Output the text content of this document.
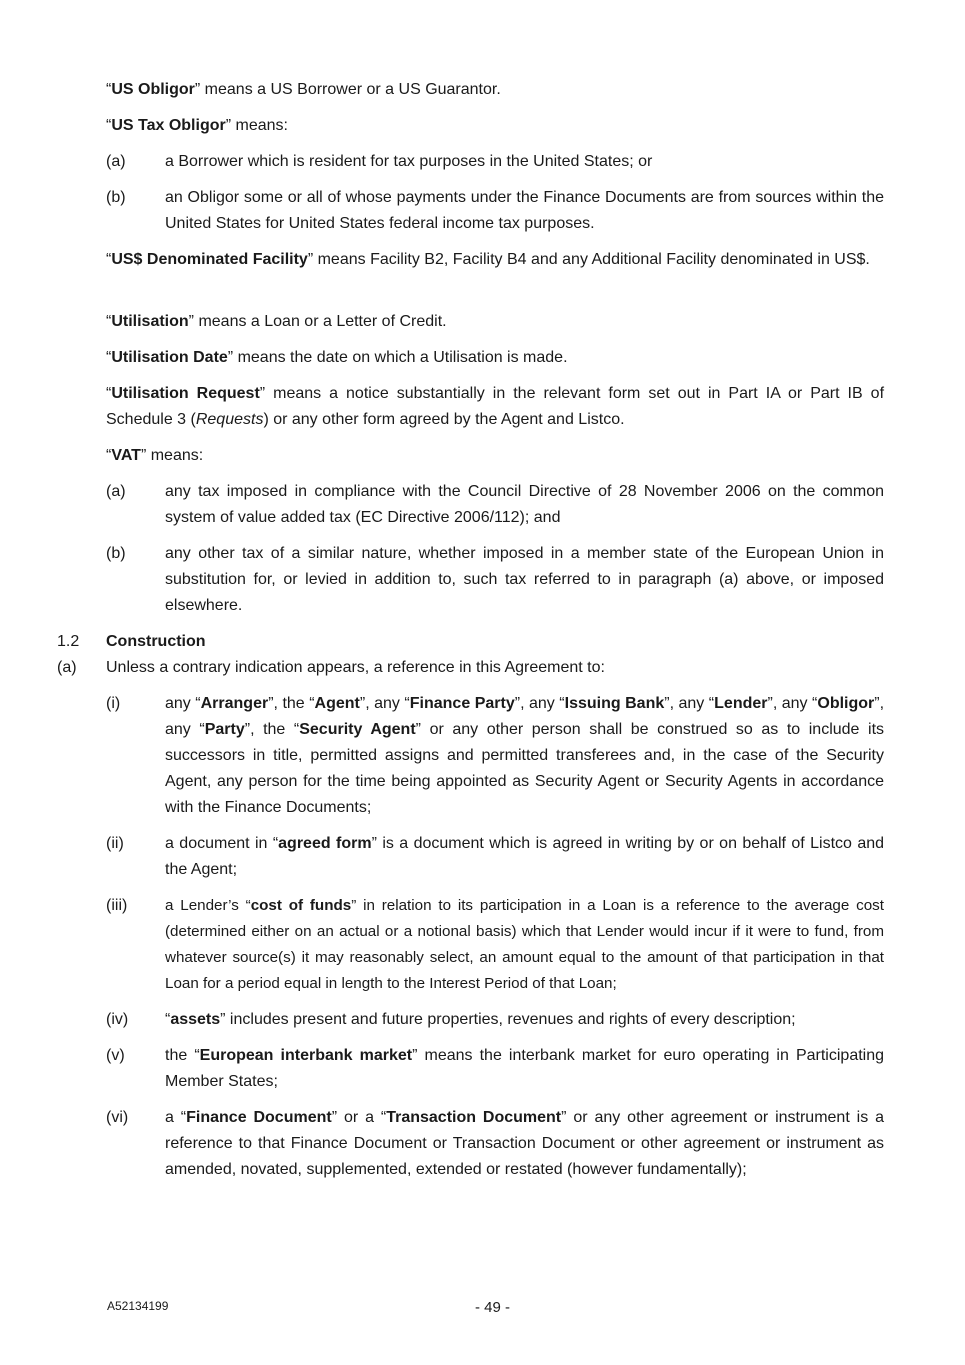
“US Obligor” means a US Borrower or a US Guarantor.
“US Tax Obligor” means:
(a) a Borrower which is resident for tax purposes in the United States; or
(b) an Obligor some or all of whose payments under the Finance Documents are from sources within the United States for United States federal income tax purposes.
“US$ Denominated Facility” means Facility B2, Facility B4 and any Additional Facility denominated in US$.
“Utilisation” means a Loan or a Letter of Credit.
“Utilisation Date” means the date on which a Utilisation is made.
“Utilisation Request” means a notice substantially in the relevant form set out in Part IA or Part IB of Schedule 3 (Requests) or any other form agreed by the Agent and Listco.
“VAT” means:
(a) any tax imposed in compliance with the Council Directive of 28 November 2006 on the common system of value added tax (EC Directive 2006/112); and
(b) any other tax of a similar nature, whether imposed in a member state of the European Union in substitution for, or levied in addition to, such tax referred to in paragraph (a) above, or imposed elsewhere.
1.2 Construction
(a) Unless a contrary indication appears, a reference in this Agreement to:
(i)	any “Arranger”, the “Agent”, any “Finance Party”, any “Issuing Bank”, any “Lender”, any “Obligor”, any “Party”, the “Security Agent” or any other person shall be construed so as to include its successors in title, permitted assigns and permitted transferees and, in the case of the Security Agent, any person for the time being appointed as Security Agent or Security Agents in accordance with the Finance Documents;
(ii)	a document in “agreed form” is a document which is agreed in writing by or on behalf of Listco and the Agent;
(iii) a Lender’s “cost of funds” in relation to its participation in a Loan is a reference to the average cost (determined either on an actual or a notional basis) which that Lender would incur if it were to fund, from whatever source(s) it may reasonably select, an amount equal to the amount of that participation in that Loan for a period equal in length to the Interest Period of that Loan;
(iv) “assets” includes present and future properties, revenues and rights of every description;
(v)	the “European interbank market” means the interbank market for euro operating in Participating Member States;
(vi) a “Finance Document” or a “Transaction Document” or any other agreement or instrument is a reference to that Finance Document or Transaction Document or other agreement or instrument as amended, novated, supplemented, extended or restated (however fundamentally);
A52134199	- 49 -
